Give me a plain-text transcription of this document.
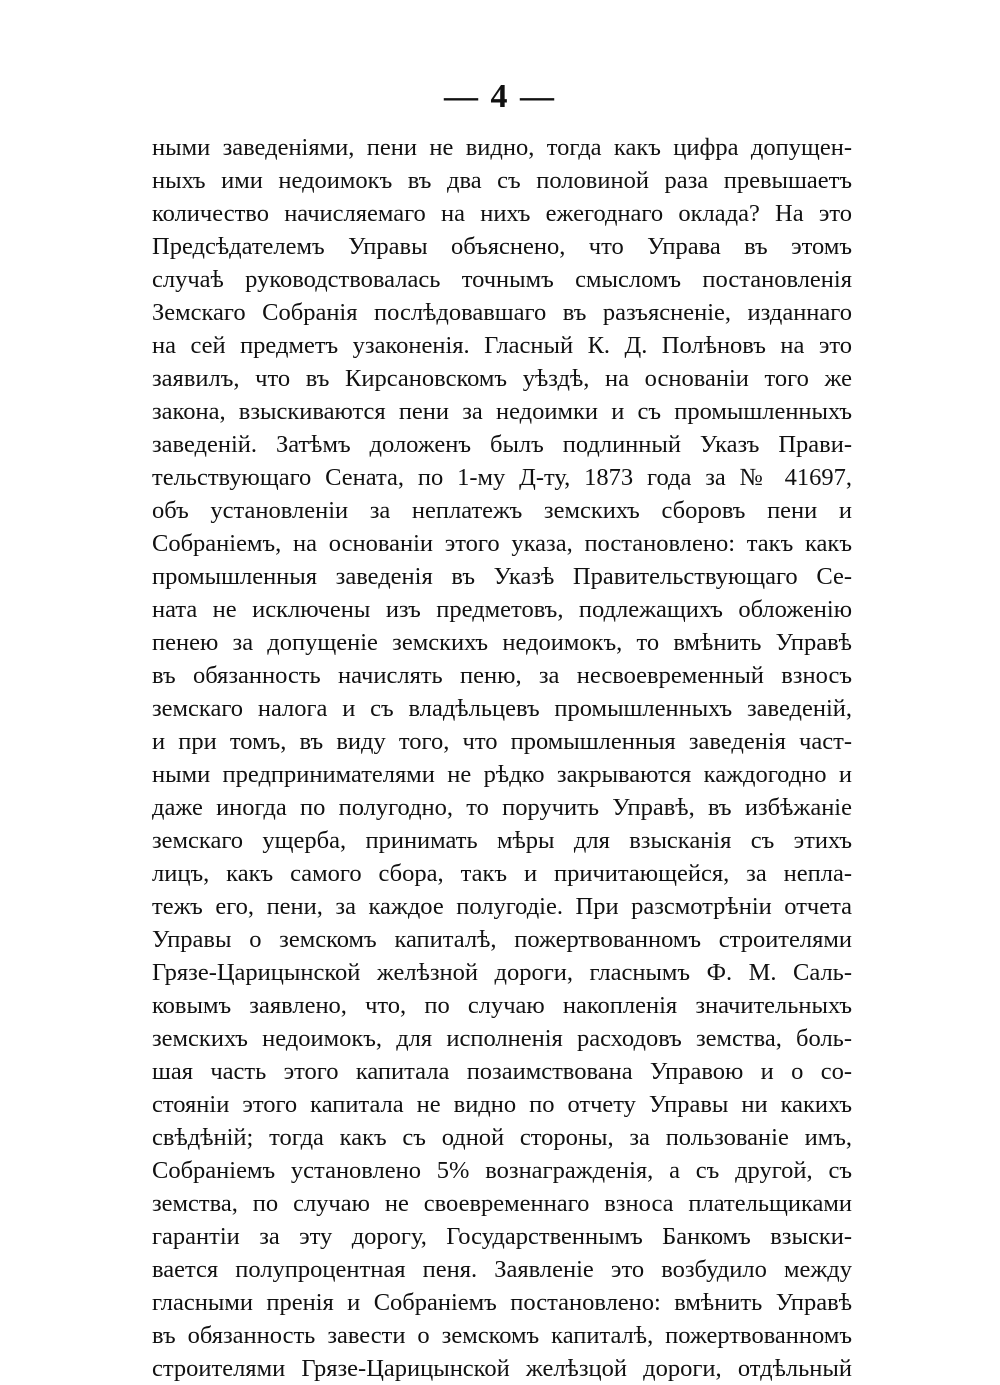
— 4 —
ными заведеніями, пени не видно, тогда какъ цифра допущен-
ныхъ ими недоимокъ въ два съ половиной раза превышаетъ
количество начисляемаго на нихъ ежегоднаго оклада? На это
Предсѣдателемъ Управы объяснено, что Управа въ этомъ
случаѣ руководствовалась точнымъ смысломъ постановленія
Земскаго Собранія послѣдовавшаго въ разъясненіе, изданнаго
на сей предметъ узаконенія. Гласный К. Д. Полѣновъ на это
заявилъ, что въ Кирсановскомъ уѣздѣ, на основаніи того же
закона, взыскиваются пени за недоимки и съ промышленныхъ
заведеній. Затѣмъ доложенъ былъ подлинный Указъ Прави-
тельствующаго Сената, по 1-му Д-ту, 1873 года за № 41697,
объ установленіи за неплатежъ земскихъ сборовъ пени и
Собраніемъ, на основаніи этого указа, постановлено: такъ какъ
промышленныя заведенія въ Указѣ Правительствующаго Се-
ната не исключены изъ предметовъ, подлежащихъ обложенію
пенею за допущеніе земскихъ недоимокъ, то вмѣнить Управѣ
въ обязанность начислять пеню, за несвоевременный взносъ
земскаго налога и съ владѣльцевъ промышленныхъ заведеній,
и при томъ, въ виду того, что промышленныя заведенія част-
ными предпринимателями не рѣдко закрываются каждогодно и
даже иногда по полугодно, то поручить Управѣ, въ избѣжаніе
земскаго ущерба, принимать мѣры для взысканія съ этихъ
лицъ, какъ самого сбора, такъ и причитающейся, за непла-
тежъ его, пени, за каждое полугодіе. При разсмотрѣніи отчета
Управы о земскомъ капиталѣ, пожертвованномъ строителями
Грязе-Царицынской желѣзной дороги, гласнымъ Ф. М. Саль-
ковымъ заявлено, что, по случаю накопленія значительныхъ
земскихъ недоимокъ, для исполненія расходовъ земства, боль-
шая часть этого капитала позаимствована Управою и о со-
стояніи этого капитала не видно по отчету Управы ни какихъ
свѣдѣній; тогда какъ съ одной стороны, за пользованіе имъ,
Собраніемъ установлено 5% вознагражденія, а съ другой, съ
земства, по случаю не своевременнаго взноса плательщиками
гарантіи за эту дорогу, Государственнымъ Банкомъ взыски-
вается полупроцентная пеня. Заявленіе это возбудило между
гласными пренія и Собраніемъ постановлено: вмѣнить Управѣ
въ обязанность завести о земскомъ капиталѣ, пожертвованномъ
строителями Грязе-Царицынской желѣзцой дороги, отдѣльный
